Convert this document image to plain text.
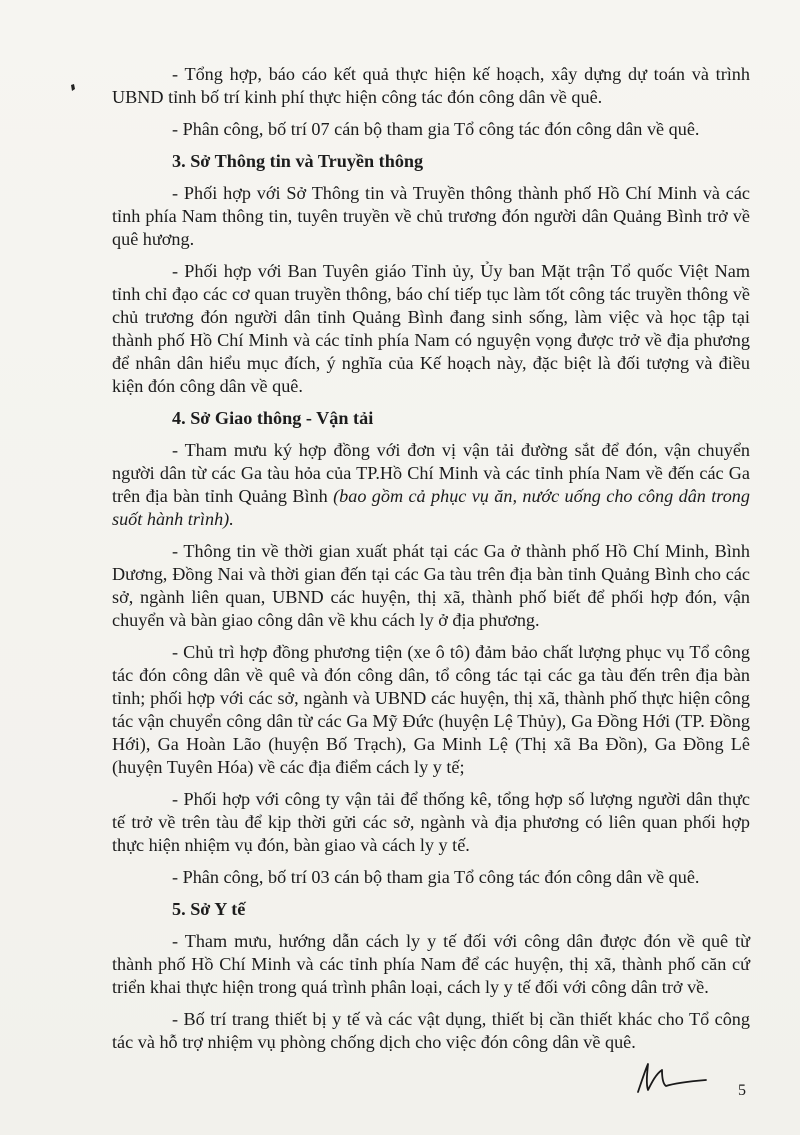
- Tổng hợp, báo cáo kết quả thực hiện kế hoạch, xây dựng dự toán và trình UBND tỉnh bố trí kinh phí thực hiện công tác đón công dân về quê.

- Phân công, bố trí 07 cán bộ tham gia Tổ công tác đón công dân về quê.

3. Sở Thông tin và Truyền thông

- Phối hợp với Sở Thông tin và Truyền thông thành phố Hồ Chí Minh và các tỉnh phía Nam thông tin, tuyên truyền về chủ trương đón người dân Quảng Bình trở về quê hương.

- Phối hợp với Ban Tuyên giáo Tỉnh ủy, Ủy ban Mặt trận Tổ quốc Việt Nam tỉnh chỉ đạo các cơ quan truyền thông, báo chí tiếp tục làm tốt công tác truyền thông về chủ trương đón người dân tỉnh Quảng Bình đang sinh sống, làm việc và học tập tại thành phố Hồ Chí Minh và các tỉnh phía Nam có nguyện vọng được trở về địa phương để nhân dân hiểu mục đích, ý nghĩa của Kế hoạch này, đặc biệt là đối tượng và điều kiện đón công dân về quê.

4. Sở Giao thông - Vận tải

- Tham mưu ký hợp đồng với đơn vị vận tải đường sắt để đón, vận chuyển người dân từ các Ga tàu hỏa của TP.Hồ Chí Minh và các tỉnh phía Nam về đến các Ga trên địa bàn tỉnh Quảng Bình (bao gồm cả phục vụ ăn, nước uống cho công dân trong suốt hành trình).

- Thông tin về thời gian xuất phát tại các Ga ở thành phố Hồ Chí Minh, Bình Dương, Đồng Nai và thời gian đến tại các Ga tàu trên địa bàn tỉnh Quảng Bình cho các sở, ngành liên quan, UBND các huyện, thị xã, thành phố biết để phối hợp đón, vận chuyển và bàn giao công dân về khu cách ly ở địa phương.

- Chủ trì hợp đồng phương tiện (xe ô tô) đảm bảo chất lượng phục vụ Tổ công tác đón công dân về quê và đón công dân, tổ công tác tại các ga tàu đến trên địa bàn tỉnh; phối hợp với các sở, ngành và UBND các huyện, thị xã, thành phố thực hiện công tác vận chuyển công dân từ các Ga Mỹ Đức (huyện Lệ Thủy), Ga Đồng Hới (TP. Đồng Hới), Ga Hoàn Lão (huyện Bố Trạch), Ga Minh Lệ (Thị xã Ba Đồn), Ga Đồng Lê (huyện Tuyên Hóa) về các địa điểm cách ly y tế;

- Phối hợp với công ty vận tải để thống kê, tổng hợp số lượng người dân thực tế trở về trên tàu để kịp thời gửi các sở, ngành và địa phương có liên quan phối hợp thực hiện nhiệm vụ đón, bàn giao và cách ly y tế.

- Phân công, bố trí 03 cán bộ tham gia Tổ công tác đón công dân về quê.

5. Sở Y tế

- Tham mưu, hướng dẫn cách ly y tế đối với công dân được đón về quê từ thành phố Hồ Chí Minh và các tỉnh phía Nam để các huyện, thị xã, thành phố căn cứ triển khai thực hiện trong quá trình phân loại, cách ly y tế đối với công dân trở về.

- Bố trí trang thiết bị y tế và các vật dụng, thiết bị cần thiết khác cho Tổ công tác và hỗ trợ nhiệm vụ phòng chống dịch cho việc đón công dân về quê.

5
